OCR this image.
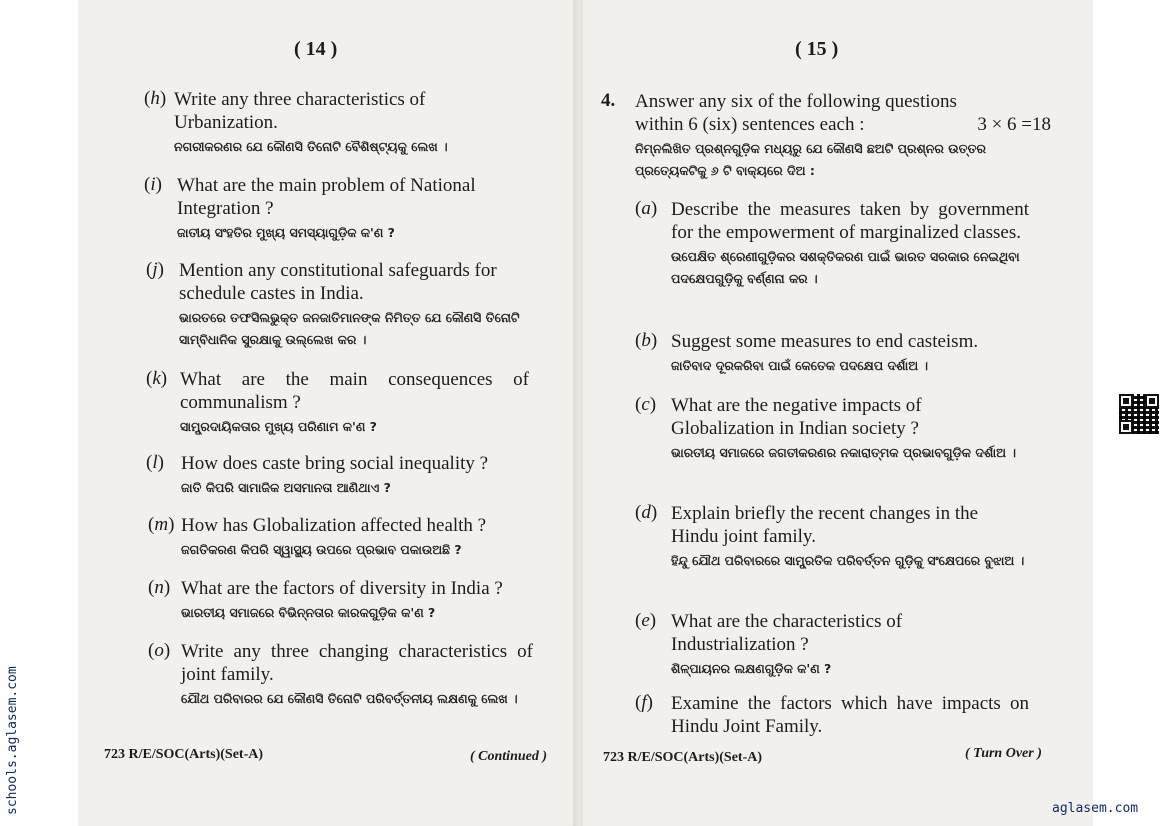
( 14 )
(h) Write any three characteristics of Urbanization.

ନଗରୀକରଣର ଯେ କୌଣସି ତିନୋଟି ବୈଶିଷ୍ଟ୍ୟକୁ ଲେଖ ।

(i) What are the main problem of National Integration ?

ଜାତୀୟ ସଂହତିର ମୁଖ୍ୟ ସମସ୍ୟାଗୁଡ଼ିକ କ'ଣ ?

(j) Mention any constitutional safeguards for schedule castes in India.

ଭାରତରେ ତଫସିଲଭୁକ୍ତ ଜନଜାତିମାନଙ୍କ ନିମିତ୍ତ ଯେ କୌଣସି ତିନୋଟି ସାମ୍ବିଧାନିକ ସୁରକ୍ଷାକୁ ଉଲ୍ଲେଖ କର ।

(k) What are the main consequences of communalism ?

ସାମ୍ପ୍ରଦାୟିକତାର ମୁଖ୍ୟ ପରିଣାମ କ'ଣ ?

(l) How does caste bring social inequality ?

ଜାତି କିପରି ସାମାଜିକ ଅସମାନତା ଆଣିଥାଏ ?

(m) How has Globalization affected health ?

ଜଗତିକରଣ କିପରି ସ୍ୱାସ୍ଥ୍ୟ ଉପରେ ପ୍ରଭାବ ପକାଉଅଛି ?

(n) What are the factors of diversity in India ?

ଭାରତୀୟ ସମାଜରେ ବିଭିନ୍ନତାର କାରକଗୁଡ଼ିକ କ'ଣ ?

(o) Write any three changing characteristics of joint family.

ଯୌଥ ପରିବାରର ଯେ କୌଣସି ତିନୋଟି ପରିବର୍ତ୍ତନୀୟ ଲକ୍ଷଣକୁ ଲେଖ ।

723 R/E/SOC(Arts)(Set-A)	( Continued )
( 15 )
4. Answer any six of the following questions

within 6 (six) sentences each :	3 × 6 =18

ନିମ୍ନଲିଖିତ ପ୍ରଶ୍ନଗୁଡ଼ିକ ମଧ୍ୟରୁ ଯେ କୌଣସି ଛଅଟି ପ୍ରଶ୍ନର ଉତ୍ତର ପ୍ରତ୍ୟେକଟିକୁ ୬ ଟି ବାକ୍ୟରେ ଦିଅ :

(a) Describe the measures taken by government for the empowerment of marginalized classes.

ଉପେକ୍ଷିତ ଶ୍ରେଣୀଗୁଡ଼ିକର ସଶକ୍ତିକରଣ ପାଇଁ ଭାରତ ସରକାର ନେଇଥିବା ପଦକ୍ଷେପଗୁଡ଼ିକୁ ବର୍ଣ୍ଣନା କର ।

(b) Suggest some measures to end casteism.

ଜାତିବାଦ ଦୂରକରିବା ପାଇଁ କେତେକ ପଦକ୍ଷେପ ଦର୍ଶାଅ ।

(c) What are the negative impacts of Globalization in Indian society ?

ଭାରତୀୟ ସମାଜରେ ଜଗତୀକରଣର ନକାରାତ୍ମକ ପ୍ରଭାବଗୁଡ଼ିକ ଦର୍ଶାଅ ।

(d) Explain briefly the recent changes in the Hindu joint family.

ହିନ୍ଦୁ ଯୌଥ ପରିବାରରେ ସାମ୍ପ୍ରତିକ ପରିବର୍ତ୍ତନ ଗୁଡ଼ିକୁ ସଂକ୍ଷେପରେ ବୁଝାଅ ।

(e) What are the characteristics of Industrialization ?

ଶିଳ୍ପାୟନର ଲକ୍ଷଣଗୁଡ଼ିକ କ'ଣ ?

(f) Examine the factors which have impacts on Hindu Joint Family.

723 R/E/SOC(Arts)(Set-A)	( Turn Over )
schools.aglasem.com	aglasem.com
